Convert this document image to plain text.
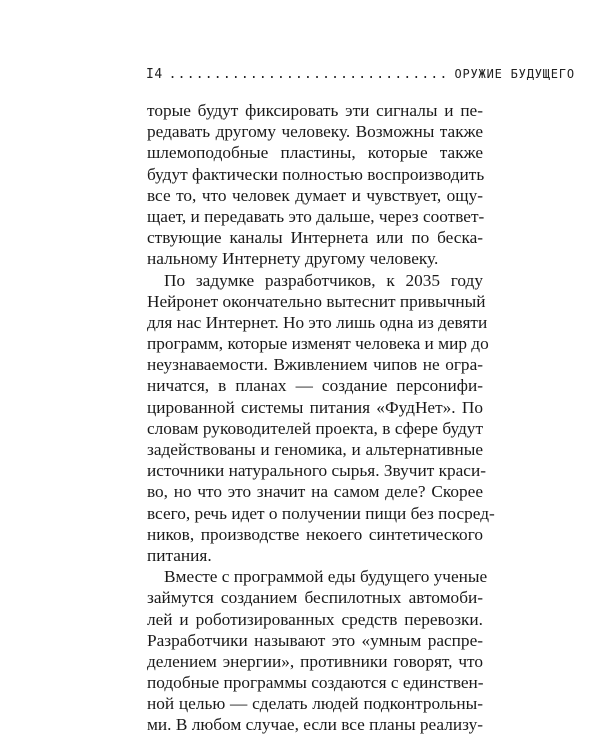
I4 ............................... ОРУЖИЕ БУДУЩЕГО
торые будут фиксировать эти сигналы и пе-
редавать другому человеку. Возможны также
шлемоподобные пластины, которые также
будут фактически полностью воспроизводить
все то, что человек думает и чувствует, ощу-
щает, и передавать это дальше, через соответ-
ствующие каналы Интернета или по беска-
нальному Интернету другому человеку.
По задумке разработчиков, к 2035 году
Нейронет окончательно вытеснит привычный
для нас Интернет. Но это лишь одна из девяти
программ, которые изменят человека и мир до
неузнаваемости. Вживлением чипов не огра-
ничатся, в планах — создание персонифи-
цированной системы питания «ФудНет». По
словам руководителей проекта, в сфере будут
задействованы и геномика, и альтернативные
источники натурального сырья. Звучит краси-
во, но что это значит на самом деле? Скорее
всего, речь идет о получении пищи без посред-
ников, производстве некоего синтетического
питания.
Вместе с программой еды будущего ученые
займутся созданием беспилотных автомоби-
лей и роботизированных средств перевозки.
Разработчики называют это «умным распре-
делением энергии», противники говорят, что
подобные программы создаются с единствен-
ной целью — сделать людей подконтрольны-
ми. В любом случае, если все планы реализу-
